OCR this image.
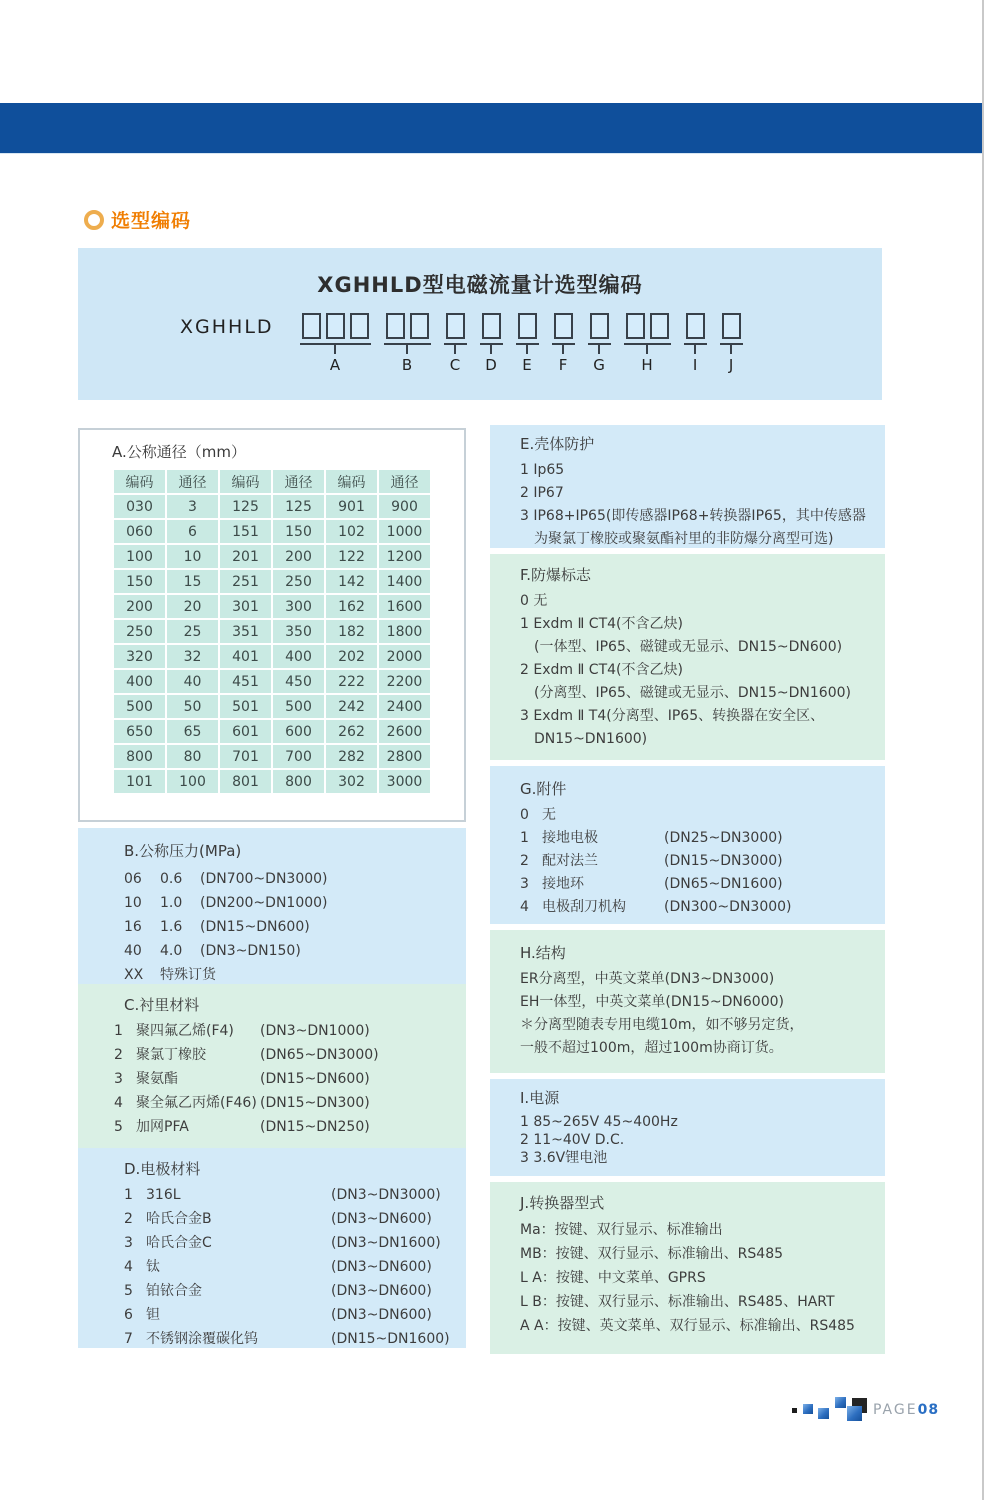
选型编码
XGHHLD型电磁流量计选型编码
XGHHLD
A	B	C D E F G H	I J
A.公称通径（mm）
编码	通径	编码	通径	编码	通径
030	3	125	125	901	900
060	6	151	150	102	1000
100	10	201	200	122	1200
150	15	251	250	142	1400
200	20	301	300	162	1600
250	25	351	350	182	1800
320	32	401	400	202	2000
400	40	451	450	222	2200
500	50	501	500	242	2400
650	65	601	600	262	2600
800	80	701	700	282	2800
101	100	801	800	302	3000
B.公称压力(MPa)
06	0.6	(DN700~DN3000)
10	1.0	(DN200~DN1000)
16	1.6	(DN15~DN600)
40	4.0	(DN3~DN150)
XX	特殊订货
C.衬里材料
1 聚四氟乙烯(F4)	(DN3~DN1000)
2 聚氯丁橡胶	(DN65~DN3000)
3 聚氨酯	(DN15~DN600)
4 聚全氟乙丙烯(F46) (DN15~DN300)
5 加网PFA	(DN15~DN250)
D.电极材料
1 316L	(DN3~DN3000)
2 哈氏合金B	(DN3~DN600)
3 哈氏合金C	(DN3~DN1600)
4 钛	(DN3~DN600)
5 铂铱合金	(DN3~DN600)
6 钽	(DN3~DN600)
7 不锈钢涂覆碳化钨	(DN15~DN1600)
E.壳体防护
1 Ip65
2 IP67
3 IP68+IP65(即传感器IP68+转换器IP65，其中传感器
为聚氯丁橡胶或聚氨酯衬里的非防爆分离型可选)
F.防爆标志
0 无
1 Exdm Ⅱ CT4(不含乙炔)
(一体型、IP65、磁键或无显示、DN15~DN600)
2 Exdm Ⅱ CT4(不含乙炔)
(分离型、IP65、磁键或无显示、DN15~DN1600)
3 Exdm Ⅱ T4(分离型、IP65、转换器在安全区、
DN15~DN1600)
G.附件
0 无
1 接地电极	(DN25~DN3000)
2 配对法兰	(DN15~DN3000)
3 接地环	(DN65~DN1600)
4 电极刮刀机构	(DN300~DN3000)
H.结构
ER分离型，中英文菜单(DN3~DN3000)
EH一体型，中英文菜单(DN15~DN6000)
＊分离型随表专用电缆10m，如不够另定货，
一般不超过100m，超过100m协商订货。
I.电源
1 85~265V 45~400Hz
2 11~40V D.C.
3 3.6V锂电池
J.转换器型式
Ma：按键、双行显示、标准输出
MB：按键、双行显示、标准输出、RS485
L A：按键、中文菜单、GPRS
L B：按键、双行显示、标准输出、RS485、HART
A A：按键、英文菜单、双行显示、标准输出、RS485
PAGE08
